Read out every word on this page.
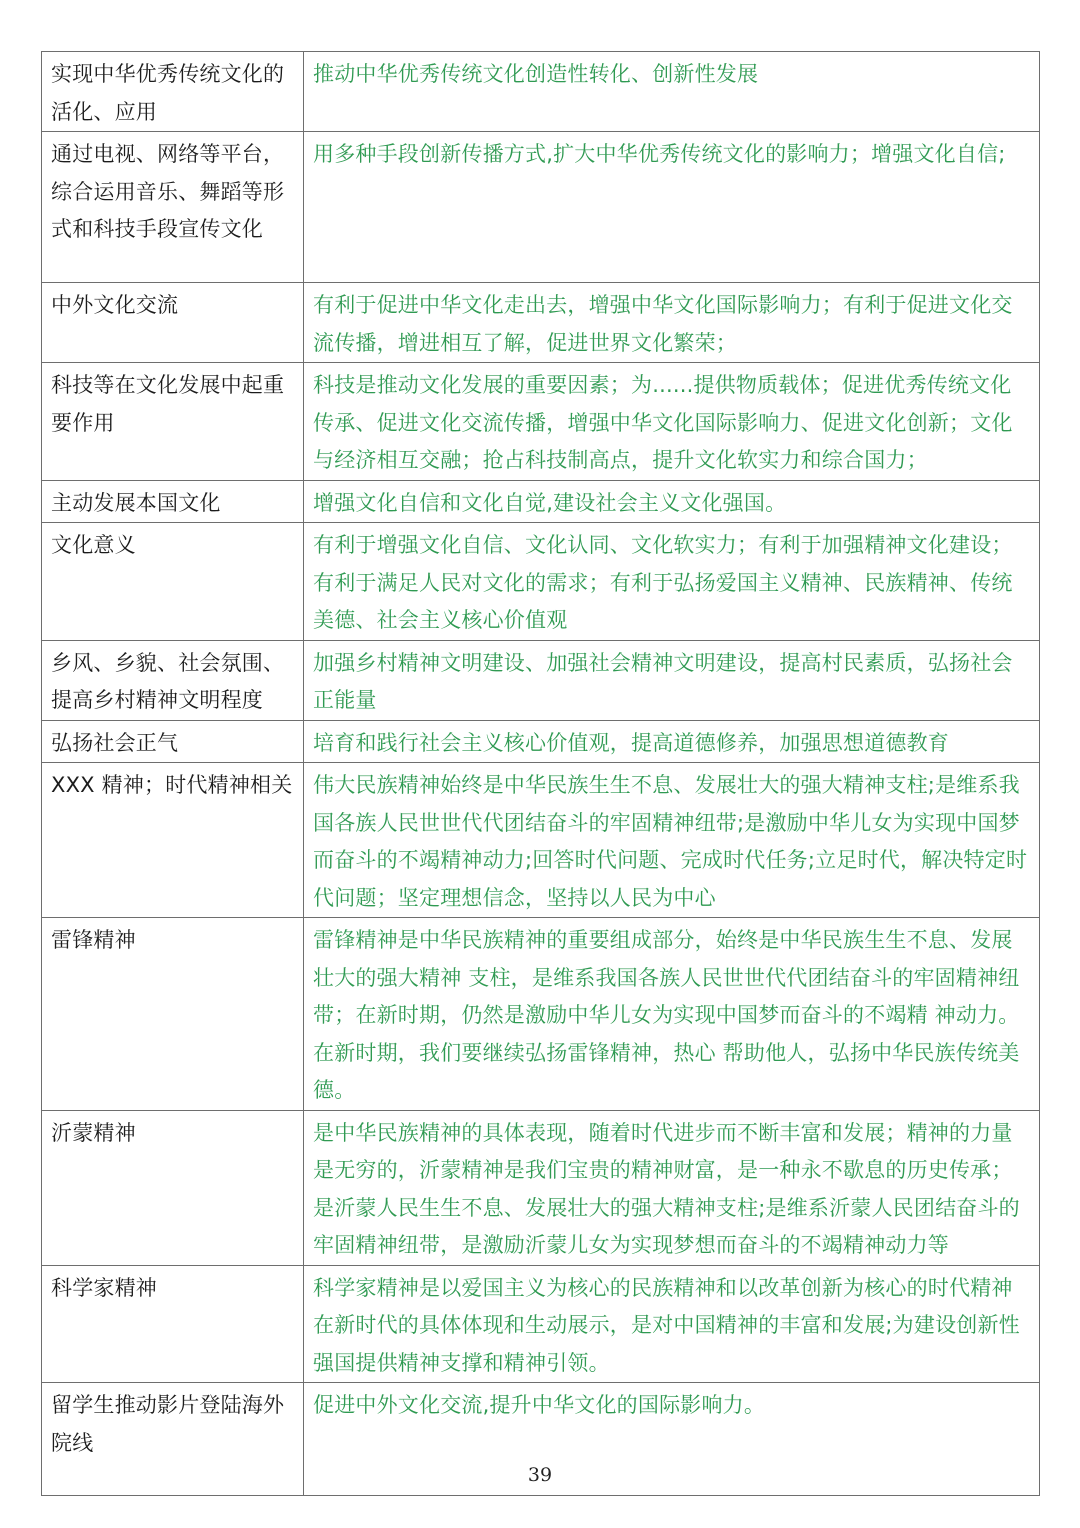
实现中华优秀传统文化的活化、应用	推动中华优秀传统文化创造性转化、创新性发展
通过电视、网络等平台，综合运用音乐、舞蹈等形式和科技手段宣传文化	用多种手段创新传播方式,扩大中华优秀传统文化的影响力；增强文化自信;
中外文化交流	有利于促进中华文化走出去，增强中华文化国际影响力；有利于促进文化交流传播，增进相互了解，促进世界文化繁荣；
科技等在文化发展中起重要作用	科技是推动文化发展的重要因素；为......提供物质载体；促进优秀传统文化传承、促进文化交流传播，增强中华文化国际影响力、促进文化创新；文化与经济相互交融；抢占科技制高点，提升文化软实力和综合国力；
主动发展本国文化	增强文化自信和文化自觉,建设社会主义文化强国。
文化意义	有利于增强文化自信、文化认同、文化软实力；有利于加强精神文化建设；有利于满足人民对文化的需求；有利于弘扬爱国主义精神、民族精神、传统美德、社会主义核心价值观
乡风、乡貌、社会氛围、提高乡村精神文明程度	加强乡村精神文明建设、加强社会精神文明建设，提高村民素质，弘扬社会正能量
弘扬社会正气	培育和践行社会主义核心价值观，提高道德修养，加强思想道德教育
XXX 精神；时代精神相关	伟大民族精神始终是中华民族生生不息、发展壮大的强大精神支柱;是维系我国各族人民世世代代团结奋斗的牢固精神纽带;是激励中华儿女为实现中国梦而奋斗的不竭精神动力;回答时代问题、完成时代任务;立足时代，解决特定时代问题；坚定理想信念，坚持以人民为中心
雷锋精神	雷锋精神是中华民族精神的重要组成部分，始终是中华民族生生不息、发展壮大的强大精神 支柱，是维系我国各族人民世世代代团结奋斗的牢固精神纽带；在新时期，仍然是激励中华儿女为实现中国梦而奋斗的不竭精 神动力。在新时期，我们要继续弘扬雷锋精神，热心 帮助他人，弘扬中华民族传统美德。
沂蒙精神	是中华民族精神的具体表现，随着时代进步而不断丰富和发展；精神的力量是无穷的，沂蒙精神是我们宝贵的精神财富，是一种永不歇息的历史传承；是沂蒙人民生生不息、发展壮大的强大精神支柱;是维系沂蒙人民团结奋斗的牢固精神纽带，是激励沂蒙儿女为实现梦想而奋斗的不竭精神动力等
科学家精神	科学家精神是以爱国主义为核心的民族精神和以改革创新为核心的时代精神在新时代的具体体现和生动展示，是对中国精神的丰富和发展;为建设创新性强国提供精神支撑和精神引领。
留学生推动影片登陆海外院线	促进中外文化交流,提升中华文化的国际影响力。
39
